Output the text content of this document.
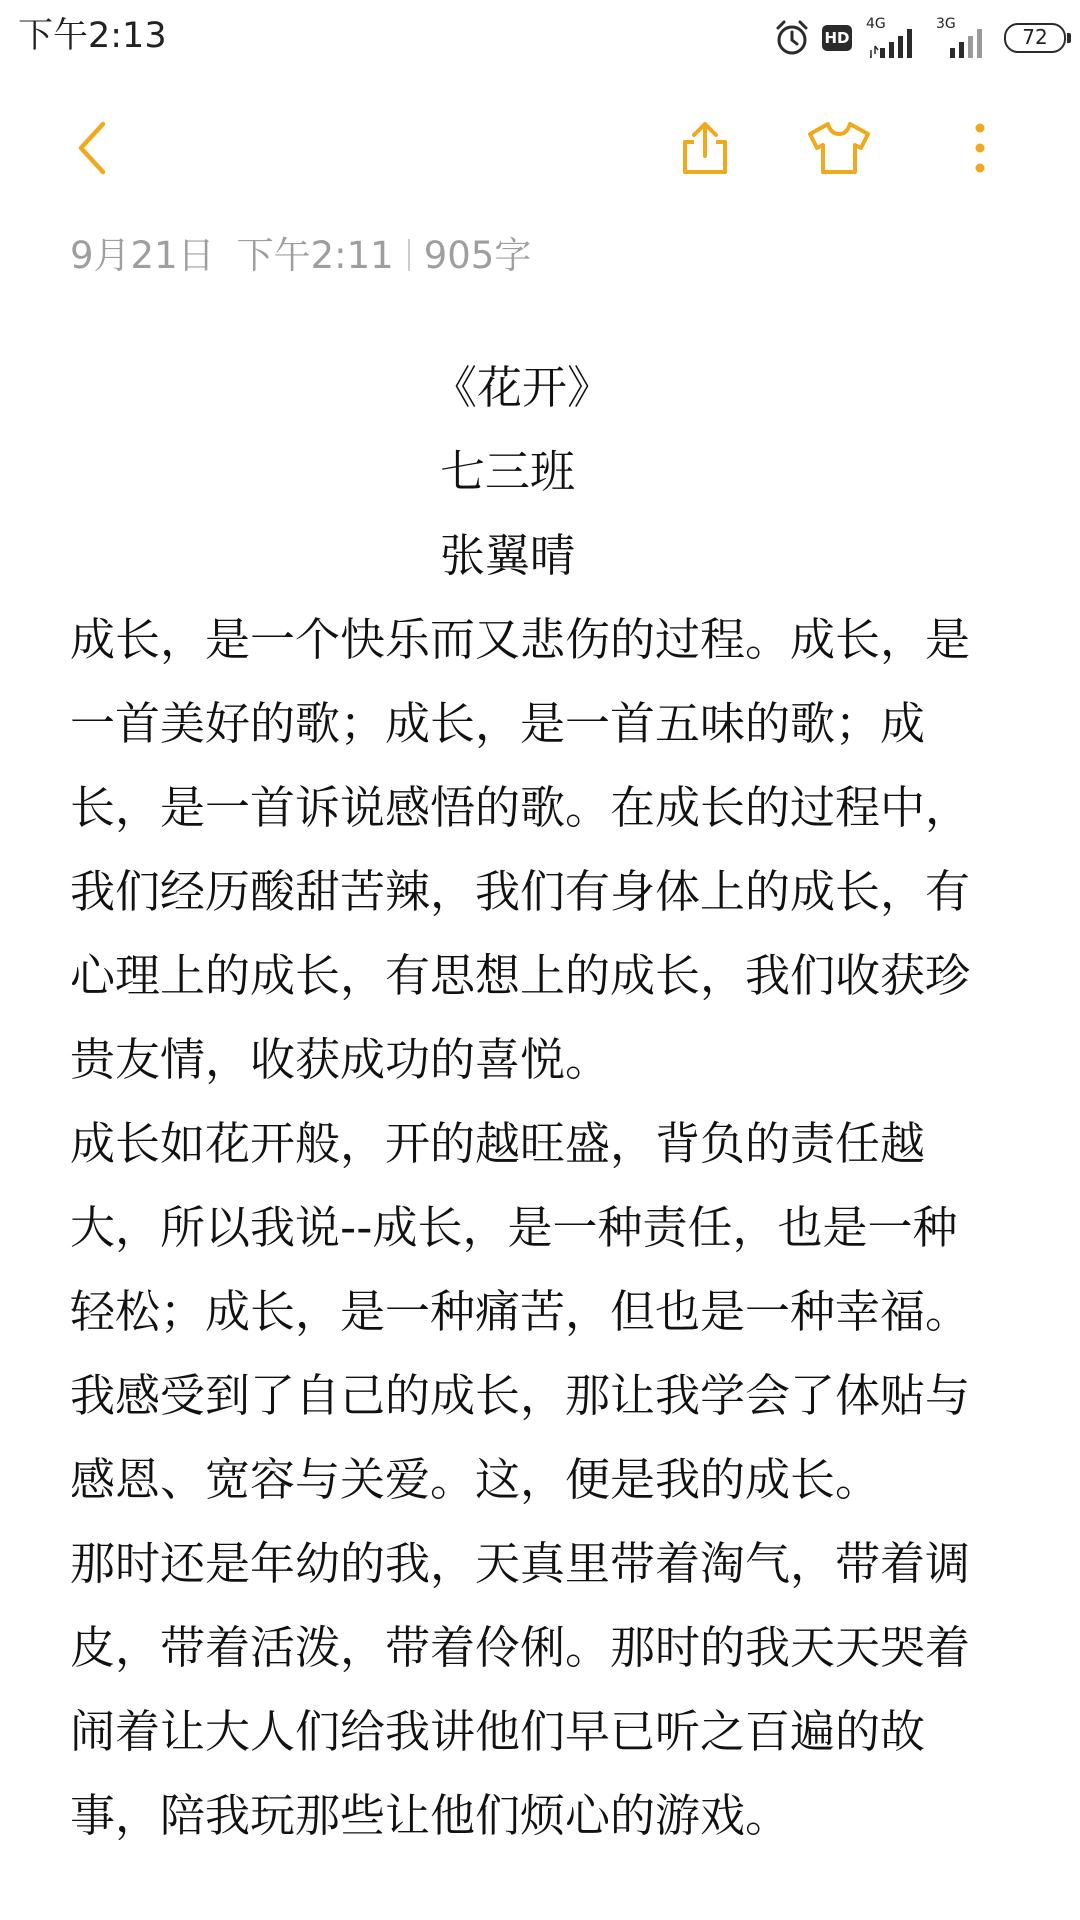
下午2:13	HD
4G	3G
72
9月21日 下午2:11 905字

《花开》

七三班

张翼晴

成长，是一个快乐而又悲伤的过程。成长，是一首美好的歌；成长，是一首五味的歌；成长，是一首诉说感悟的歌。在成长的过程中，我们经历酸甜苦辣，我们有身体上的成长，有心理上的成长，有思想上的成长，我们收获珍贵友情，收获成功的喜悦。

成长如花开般，开的越旺盛，背负的责任越大，所以我说--成长，是一种责任，也是一种轻松；成长，是一种痛苦，但也是一种幸福。我感受到了自己的成长，那让我学会了体贴与感恩、宽容与关爱。这，便是我的成长。

那时还是年幼的我，天真里带着淘气，带着调皮，带着活泼，带着伶俐。那时的我天天哭着闹着让大人们给我讲他们早已听之百遍的故事，陪我玩那些让他们烦心的游戏。
